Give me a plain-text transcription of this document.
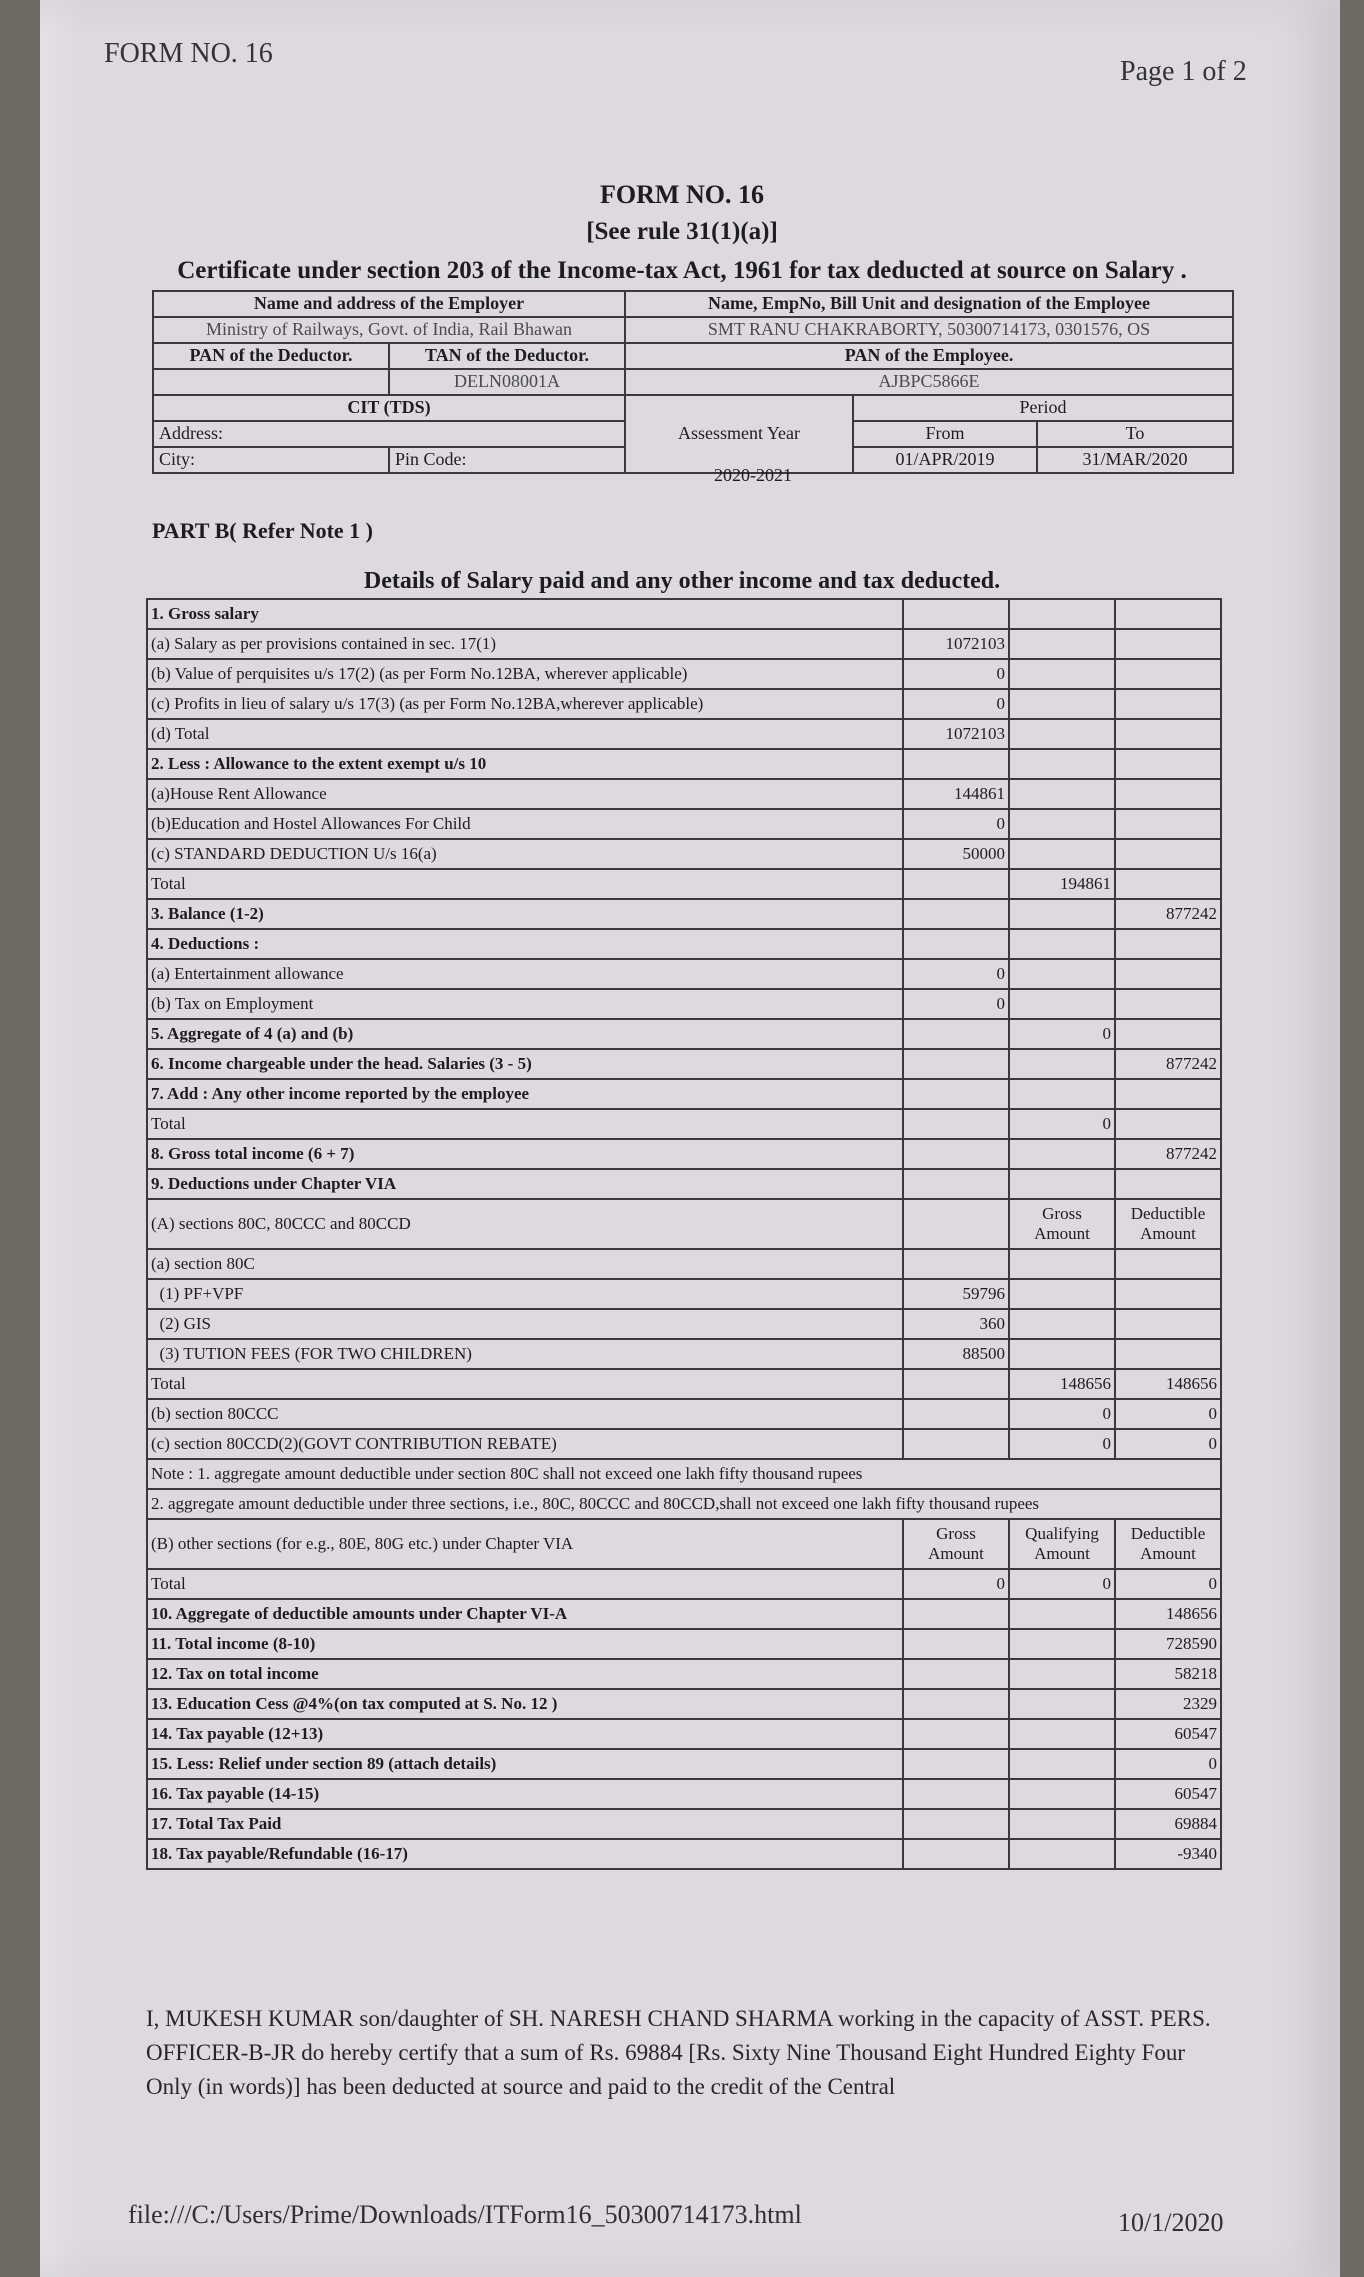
FORM NO. 16
Page 1 of 2
FORM NO. 16
[See rule 31(1)(a)]
Certificate under section 203 of the Income-tax Act, 1961 for tax deducted at source on Salary .
Name and address of the Employer		Name, EmpNo, Bill Unit and designation of the Employee		
Ministry of Railways, Govt. of India, Rail Bhawan		SMT RANU CHAKRABORTY, 50300714173, 0301576, OS		
PAN of the Deductor.	TAN of the Deductor.	PAN of the Employee.		
	DELN08001A	AJBPC5866E		
CIT (TDS)		Assessment Year	Period	
Address:			From	To
City:	Pin Code:		01/APR/2019	31/MAR/2020
2020-2021
PART B( Refer Note 1 )
Details of Salary paid and any other income and tax deducted.
1. Gross salary			
(a) Salary as per provisions contained in sec. 17(1)	1072103		
(b) Value of perquisites u/s 17(2) (as per Form No.12BA, wherever applicable)	0		
(c) Profits in lieu of salary u/s 17(3) (as per Form No.12BA,wherever applicable)	0		
(d) Total	1072103		
2. Less : Allowance to the extent exempt u/s 10			
(a)House Rent Allowance	144861		
(b)Education and Hostel Allowances For Child	0		
(c) STANDARD DEDUCTION U/s 16(a)	50000		
Total		194861	
3. Balance (1-2)			877242
4. Deductions :			
(a) Entertainment allowance	0		
(b) Tax on Employment	0		
5. Aggregate of 4 (a) and (b)		0	
6. Income chargeable under the head. Salaries (3 - 5)			877242
7. Add : Any other income reported by the employee			
Total		0	
8. Gross total income (6 + 7)			877242
9. Deductions under Chapter VIA			
(A) sections 80C, 80CCC and 80CCD		Gross Amount	Deductible Amount
(a) section 80C			
(1) PF+VPF	59796		
(2) GIS	360		
(3) TUTION FEES (FOR TWO CHILDREN)	88500		
Total		148656	148656
(b) section 80CCC		0	0
(c) section 80CCD(2)(GOVT CONTRIBUTION REBATE)		0	0
Note : 1. aggregate amount deductible under section 80C shall not exceed one lakh fifty thousand rupees			
2. aggregate amount deductible under three sections, i.e., 80C, 80CCC and 80CCD,shall not exceed one lakh fifty thousand rupees			
(B) other sections (for e.g., 80E, 80G etc.) under Chapter VIA	Gross Amount	Qualifying Amount	Deductible Amount
Total	0	0	0
10. Aggregate of deductible amounts under Chapter VI-A			148656
11. Total income (8-10)			728590
12. Tax on total income			58218
13. Education Cess @4%(on tax computed at S. No. 12 )			2329
14. Tax payable (12+13)			60547
15. Less: Relief under section 89 (attach details)			0
16. Tax payable (14-15)			60547
17. Total Tax Paid			69884
18. Tax payable/Refundable (16-17)			-9340
I, MUKESH KUMAR son/daughter of SH. NARESH CHAND SHARMA working in the capacity of ASST. PERS. OFFICER-B-JR do hereby certify that a sum of Rs. 69884 [Rs. Sixty Nine Thousand Eight Hundred Eighty Four Only (in words)] has been deducted at source and paid to the credit of the Central
file:///C:/Users/Prime/Downloads/ITForm16_50300714173.html	10/1/2020
